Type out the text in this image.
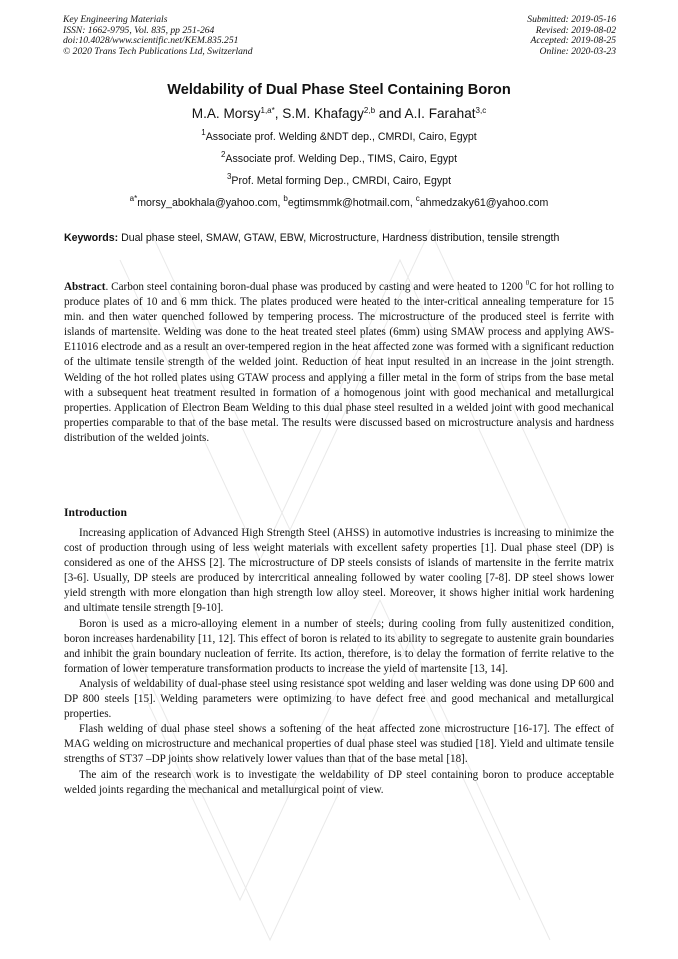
Key Engineering Materials
ISSN: 1662-9795, Vol. 835, pp 251-264
doi:10.4028/www.scientific.net/KEM.835.251
© 2020 Trans Tech Publications Ltd, Switzerland
Submitted: 2019-05-16
Revised: 2019-08-02
Accepted: 2019-08-25
Online: 2020-03-23
Weldability of Dual Phase Steel Containing Boron
M.A. Morsy$^{1,a*}$, S.M. Khafagy$^{2,b}$ and A.I. Farahat$^{3,c}$
$^1$Associate prof. Welding &NDT dep., CMRDI, Cairo, Egypt
$^2$Associate prof. Welding Dep., TIMS, Cairo, Egypt
$^3$Prof. Metal forming Dep., CMRDI, Cairo, Egypt
$^{a*}$morsy_abokhala@yahoo.com, $^b$egtimsmmk@hotmail.com, $^c$ahmedzaky61@yahoo.com
Keywords: Dual phase steel, SMAW, GTAW, EBW, Microstructure, Hardness distribution, tensile strength
Abstract. Carbon steel containing boron-dual phase was produced by casting and were heated to 1200 $^0$C for hot rolling to produce plates of 10 and 6 mm thick. The plates produced were heated to the inter-critical annealing temperature for 15 min. and then water quenched followed by tempering process. The microstructure of the produced steel is ferrite with islands of martensite. Welding was done to the heat treated steel plates (6mm) using SMAW process and applying AWS-E11016 electrode and as a result an over-tempered region in the heat affected zone was formed with a significant reduction of the ultimate tensile strength of the welded joint. Reduction of heat input resulted in an increase in the joint strength. Welding of the hot rolled plates using GTAW process and applying a filler metal in the form of strips from the base metal with a subsequent heat treatment resulted in formation of a homogenous joint with good mechanical and metallurgical properties. Application of Electron Beam Welding to this dual phase steel resulted in a welded joint with good mechanical properties comparable to that of the base metal. The results were discussed based on microstructure analysis and hardness distribution of the welded joints.
Introduction

Increasing application of Advanced High Strength Steel (AHSS) in automotive industries is increasing to minimize the cost of production through using of less weight materials with excellent safety properties [1]. Dual phase steel (DP) is considered as one of the AHSS [2]. The microstructure of DP steels consists of islands of martensite in the ferrite matrix [3-6]. Usually, DP steels are produced by intercritical annealing followed by water cooling [7-8]. DP steel shows lower yield strength with more elongation than high strength low alloy steel. Moreover, it shows higher initial work hardening and ultimate tensile strength [9-10].

Boron is used as a micro-alloying element in a number of steels; during cooling from fully austenitized condition, boron increases hardenability [11, 12]. This effect of boron is related to its ability to segregate to austenite grain boundaries and inhibit the grain boundary nucleation of ferrite. Its action, therefore, is to delay the formation of ferrite relative to the formation of lower temperature transformation products to increase the yield of martensite [13, 14].

Analysis of weldability of dual-phase steel using resistance spot welding and laser welding was done using DP 600 and DP 800 steels [15]. Welding parameters were optimizing to have defect free and good mechanical and metallurgical properties.

Flash welding of dual phase steel shows a softening of the heat affected zone microstructure [16-17]. The effect of MAG welding on microstructure and mechanical properties of dual phase steel was studied [18]. Yield and ultimate tensile strengths of ST37 –DP joints show relatively lower values than that of the base metal [18].

The aim of the research work is to investigate the weldability of DP steel containing boron to produce acceptable welded joints regarding the mechanical and metallurgical point of view.
